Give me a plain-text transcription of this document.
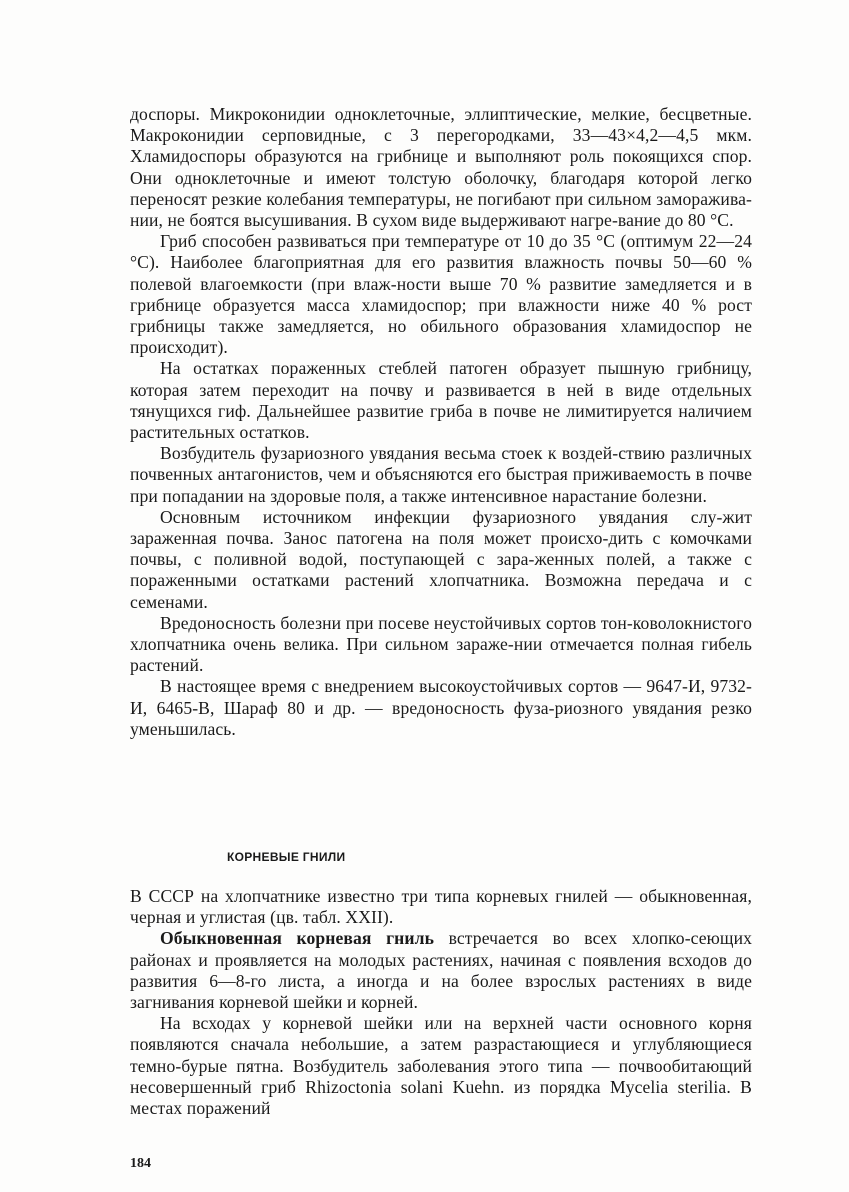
доспоры. Микроконидии одноклеточные, эллиптические, мелкие, бесцветные. Макроконидии серповидные, с 3 перегородками, 33—43×4,2—4,5 мкм. Хламидоспоры образуются на грибнице и выполняют роль покоящихся спор. Они одноклеточные и имеют толстую оболочку, благодаря которой легко переносят резкие колебания температуры, не погибают при сильном заморажива-нии, не боятся высушивания. В сухом виде выдерживают нагре-вание до 80 °С.

Гриб способен развиваться при температуре от 10 до 35 °С (оптимум 22—24 °С). Наиболее благоприятная для его развития влажность почвы 50—60 % полевой влагоемкости (при влаж-ности выше 70 % развитие замедляется и в грибнице образуется масса хламидоспор; при влажности ниже 40 % рост грибницы также замедляется, но обильного образования хламидоспор не происходит).

На остатках пораженных стеблей патоген образует пышную грибницу, которая затем переходит на почву и развивается в ней в виде отдельных тянущихся гиф. Дальнейшее развитие гриба в почве не лимитируется наличием растительных остатков.

Возбудитель фузариозного увядания весьма стоек к воздей-ствию различных почвенных антагонистов, чем и объясняются его быстрая приживаемость в почве при попадании на здоровые поля, а также интенсивное нарастание болезни.

Основным источником инфекции фузариозного увядания слу-жит зараженная почва. Занос патогена на поля может происхо-дить с комочками почвы, с поливной водой, поступающей с зара-женных полей, а также с пораженными остатками растений хлопчатника. Возможна передача и с семенами.

Вредоносность болезни при посеве неустойчивых сортов тон-коволокнистого хлопчатника очень велика. При сильном зараже-нии отмечается полная гибель растений.

В настоящее время с внедрением высокоустойчивых сортов — 9647-И, 9732-И, 6465-В, Шараф 80 и др. — вредоносность фуза-риозного увядания резко уменьшилась.

КОРНЕВЫЕ ГНИЛИ

В СССР на хлопчатнике известно три типа корневых гнилей — обыкновенная, черная и углистая (цв. табл. XXII).

Обыкновенная корневая гниль встречается во всех хлопко-сеющих районах и проявляется на молодых растениях, начиная с появления всходов до развития 6—8-го листа, а иногда и на более взрослых растениях в виде загнивания корневой шейки и корней.

На всходах у корневой шейки или на верхней части основного корня появляются сначала небольшие, а затем разрастающиеся и углубляющиеся темно-бурые пятна. Возбудитель заболевания этого типа — почвообитающий несовершенный гриб Rhizoctonia solani Kuehn. из порядка Mycelia sterilia. В местах поражений

184
